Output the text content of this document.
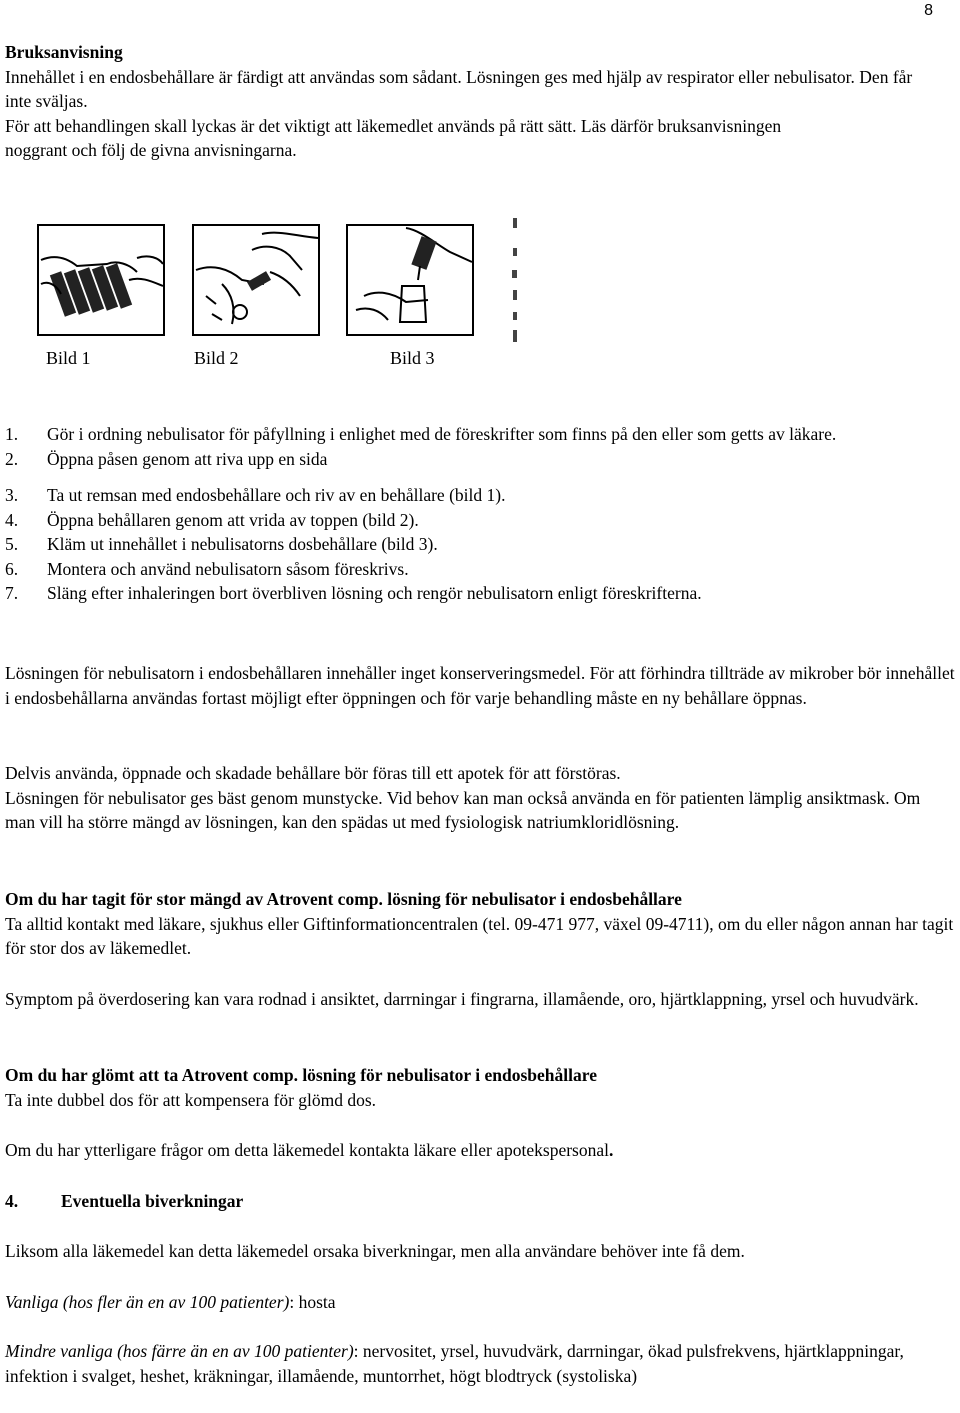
8

Bruksanvisning

Innehållet i en endosbehållare är färdigt att användas som sådant. Lösningen ges med hjälp av respirator eller nebulisator. Den får inte sväljas.

För att behandlingen skall lyckas är det viktigt att läkemedlet används på rätt sätt. Läs därför bruksanvisningen noggrant och följ de givna anvisningarna.

Bild 1	Bild 2	Bild 3
1. Gör i ordning nebulisator för påfyllning i enlighet med de föreskrifter som finns på den eller som getts av läkare.
2. Öppna påsen genom att riva upp en sida
3. Ta ut remsan med endosbehållare och riv av en behållare (bild 1).
4. Öppna behållaren genom att vrida av toppen (bild 2).
5. Kläm ut innehållet i nebulisatorns dosbehållare (bild 3).
6. Montera och använd nebulisatorn såsom föreskrivs.
7. Släng efter inhaleringen bort överbliven lösning och rengör nebulisatorn enligt föreskrifterna.

Lösningen för nebulisatorn i endosbehållaren innehåller inget konserveringsmedel. För att förhindra tillträde av mikrober bör innehållet i endosbehållarna användas fortast möjligt efter öppningen och för varje behandling måste en ny behållare öppnas.

Delvis använda, öppnade och skadade behållare bör föras till ett apotek för att förstöras.

Lösningen för nebulisator ges bäst genom munstycke. Vid behov kan man också använda en för patienten lämplig ansiktmask. Om man vill ha större mängd av lösningen, kan den spädas ut med fysiologisk natriumkloridlösning.

Om du har tagit för stor mängd av Atrovent comp. lösning för nebulisator i endosbehållare

Ta alltid kontakt med läkare, sjukhus eller Giftinformationcentralen (tel. 09-471 977, växel 09-4711), om du eller någon annan har tagit för stor dos av läkemedlet.

Symptom på överdosering kan vara rodnad i ansiktet, darrningar i fingrarna, illamående, oro, hjärtklappning, yrsel och huvudvärk.

Om du har glömt att ta Atrovent comp. lösning för nebulisator i endosbehållare

Ta inte dubbel dos för att kompensera för glömd dos.

Om du har ytterligare frågor om detta läkemedel kontakta läkare eller apotekspersonal.

4. Eventuella biverkningar

Liksom alla läkemedel kan detta läkemedel orsaka biverkningar, men alla användare behöver inte få dem.

Vanliga (hos fler än en av 100 patienter): hosta

Mindre vanliga (hos färre än en av 100 patienter): nervositet, yrsel, huvudvärk, darrningar, ökad pulsfrekvens, hjärtklappningar, infektion i svalget, heshet, kräkningar, illamående, muntorrhet, högt blodtryck (systoliska)
